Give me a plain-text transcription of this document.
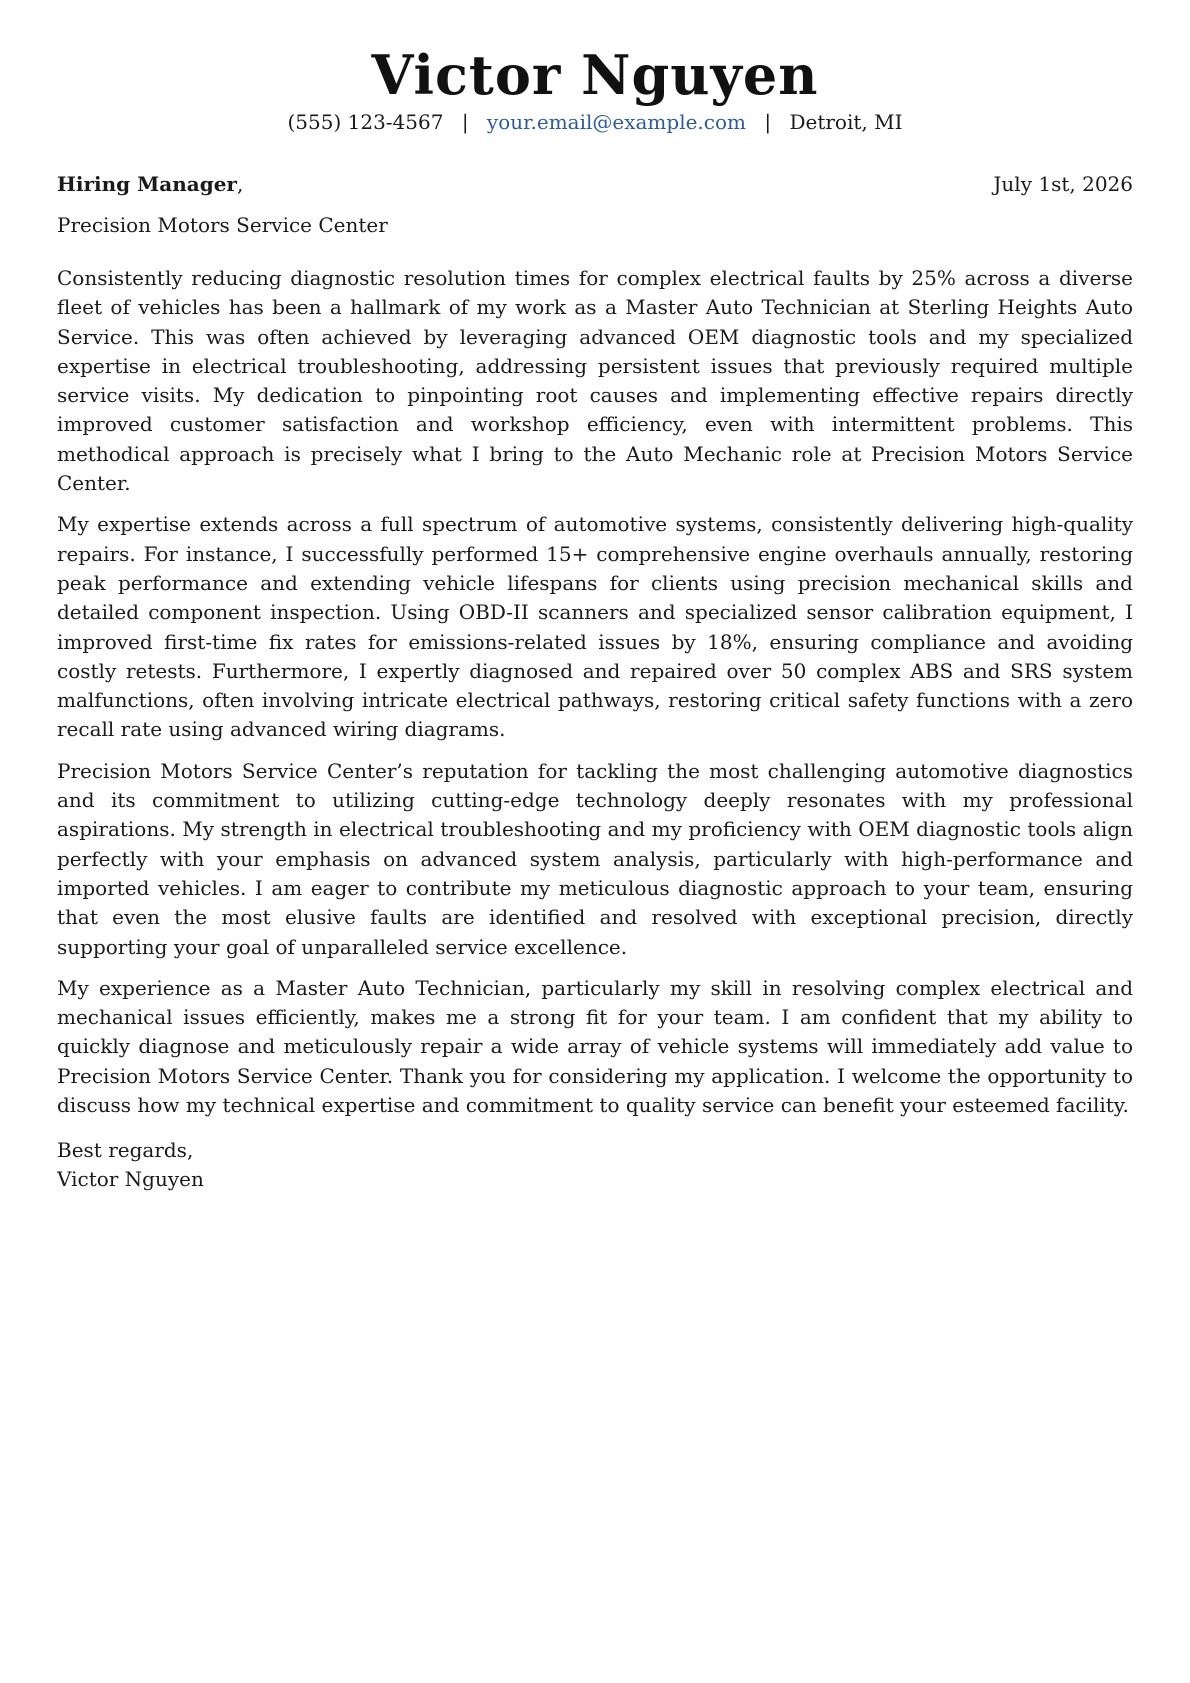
Victor Nguyen
(555) 123-4567 | your.email@example.com | Detroit, MI
Hiring Manager,	July 1st, 2026
Precision Motors Service Center

Consistently reducing diagnostic resolution times for complex electrical faults by 25% across a diverse fleet of vehicles has been a hallmark of my work as a Master Auto Technician at Sterling Heights Auto Service. This was often achieved by leveraging advanced OEM diagnostic tools and my specialized expertise in electrical troubleshooting, addressing persistent issues that previously required multiple service visits. My dedication to pinpointing root causes and implementing effective repairs directly improved customer satisfaction and workshop efficiency, even with intermittent problems. This methodical approach is precisely what I bring to the Auto Mechanic role at Precision Motors Service Center.

My expertise extends across a full spectrum of automotive systems, consistently delivering high-quality repairs. For instance, I successfully performed 15+ comprehensive engine overhauls annually, restoring peak performance and extending vehicle lifespans for clients using precision mechanical skills and detailed component inspection. Using OBD-II scanners and specialized sensor calibration equipment, I improved first-time fix rates for emissions-related issues by 18%, ensuring compliance and avoiding costly retests. Furthermore, I expertly diagnosed and repaired over 50 complex ABS and SRS system malfunctions, often involving intricate electrical pathways, restoring critical safety functions with a zero recall rate using advanced wiring diagrams.

Precision Motors Service Center’s reputation for tackling the most challenging automotive diagnostics and its commitment to utilizing cutting-edge technology deeply resonates with my professional aspirations. My strength in electrical troubleshooting and my proficiency with OEM diagnostic tools align perfectly with your emphasis on advanced system analysis, particularly with high-performance and imported vehicles. I am eager to contribute my meticulous diagnostic approach to your team, ensuring that even the most elusive faults are identified and resolved with exceptional precision, directly supporting your goal of unparalleled service excellence.

My experience as a Master Auto Technician, particularly my skill in resolving complex electrical and mechanical issues efficiently, makes me a strong fit for your team. I am confident that my ability to quickly diagnose and meticulously repair a wide array of vehicle systems will immediately add value to Precision Motors Service Center. Thank you for considering my application. I welcome the opportunity to discuss how my technical expertise and commitment to quality service can benefit your esteemed facility.

Best regards,
Victor Nguyen
